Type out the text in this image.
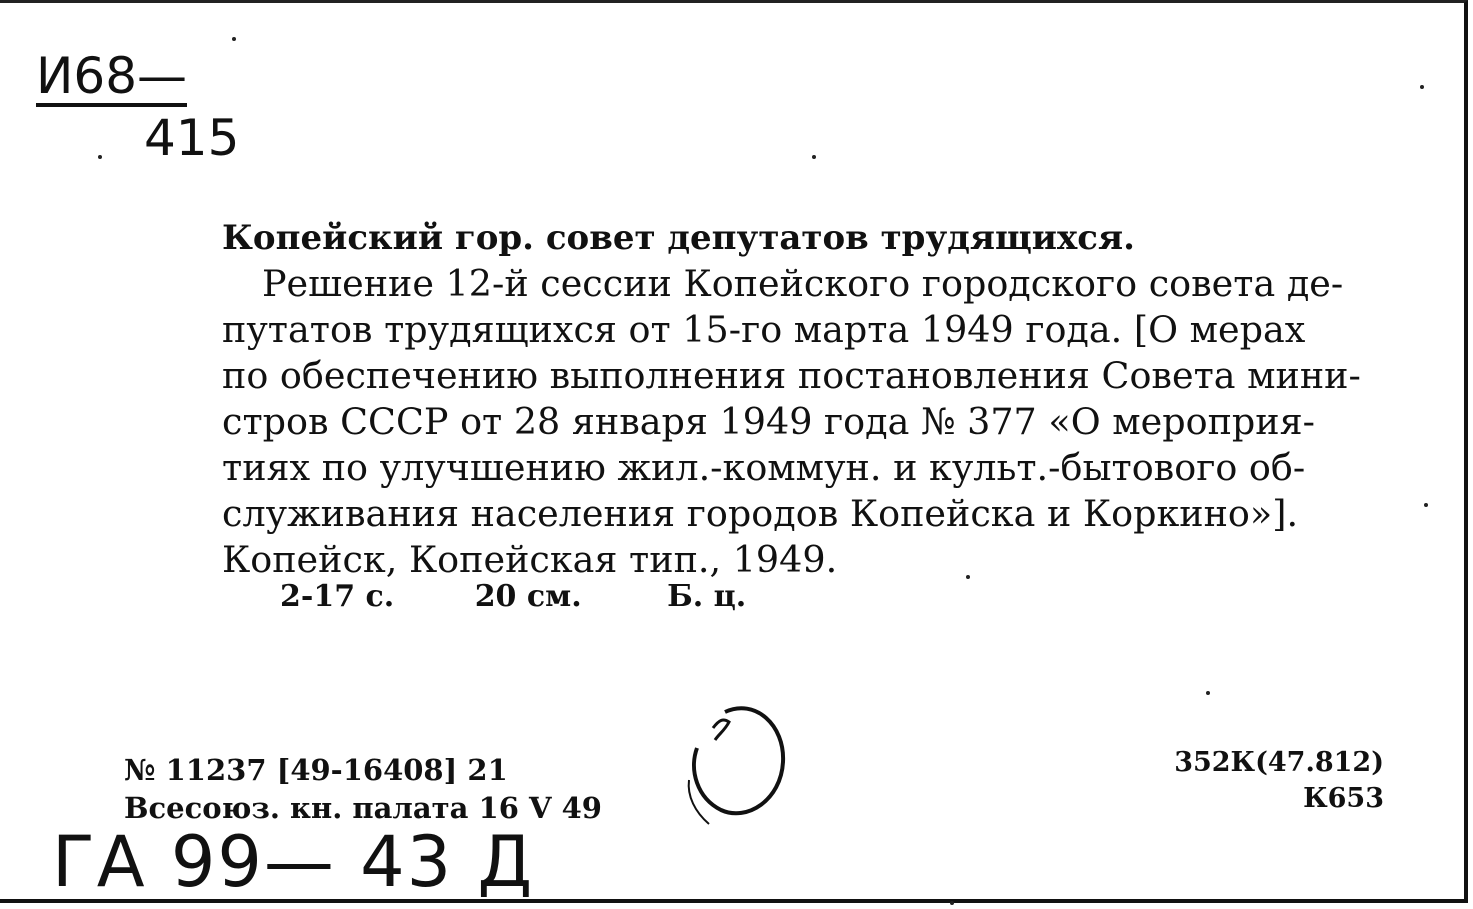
И68—
415
Копейский гор. совет депутатов трудящихся.
Решение 12-й сессии Копейского городского совета де-
путатов трудящихся от 15-го марта 1949 года. [О мерах
по обеспечению выполнения постановления Совета мини-
стров СССР от 28 января 1949 года № 377 «О мероприя-
тиях по улучшению жил.-коммун. и культ.-бытового об-
служивания населения городов Копейска и Коркино»].
Копейск, Копейская тип., 1949.
2-17 с.	20 см.	Б. ц.
№ 11237 [49-16408] 21
Всесоюз. кн. палата 16 V 49
352К(47.812)
К653
ГА 99— 43 Д
